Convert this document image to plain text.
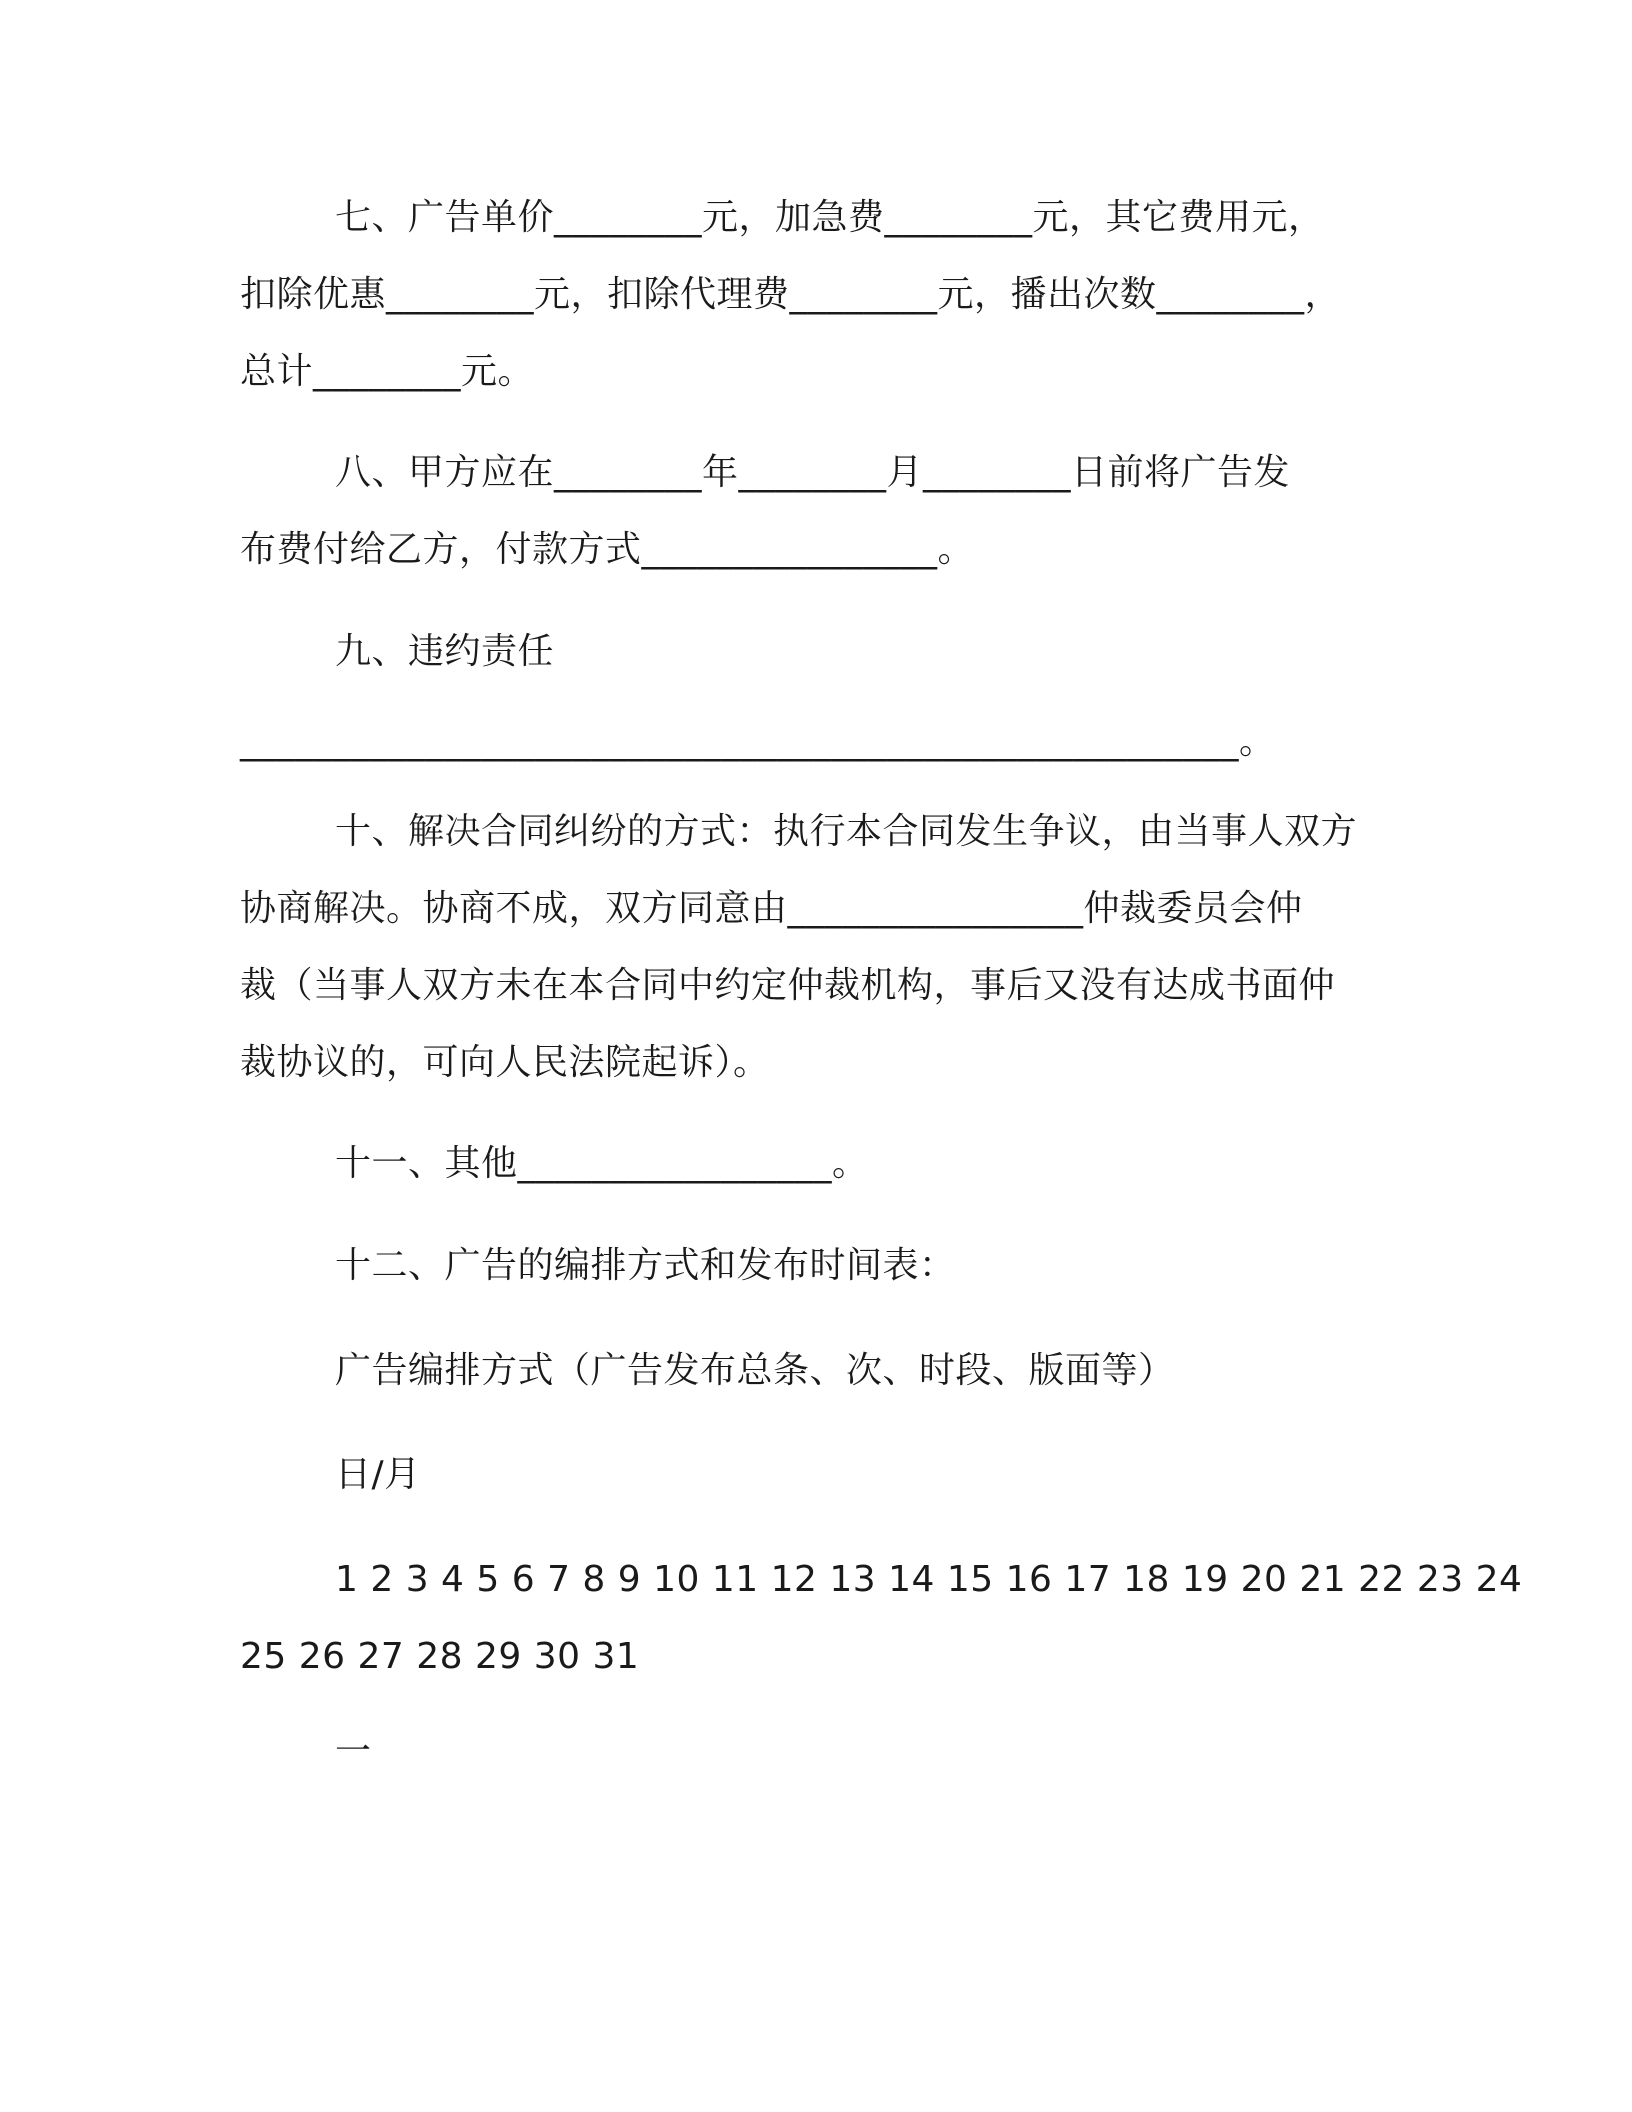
七、广告单价________元，加急费________元，其它费用元，
扣除优惠________元，扣除代理费________元，播出次数________，
总计________元。
八、甲方应在________年________月________日前将广告发
布费付给乙方，付款方式________________。
九、违约责任
______________________________________________________。
十、解决合同纠纷的方式：执行本合同发生争议，由当事人双方
协商解决。协商不成，双方同意由________________仲裁委员会仲
裁（当事人双方未在本合同中约定仲裁机构，事后又没有达成书面仲
裁协议的，可向人民法院起诉）。
十一、其他_________________。
十二、广告的编排方式和发布时间表：
广告编排方式（广告发布总条、次、时段、版面等）
日/月
1 2 3 4 5 6 7 8 9 10 11 12 13 14 15 16 17 18 19 20 21 22 23 24
25 26 27 28 29 30 31
一
